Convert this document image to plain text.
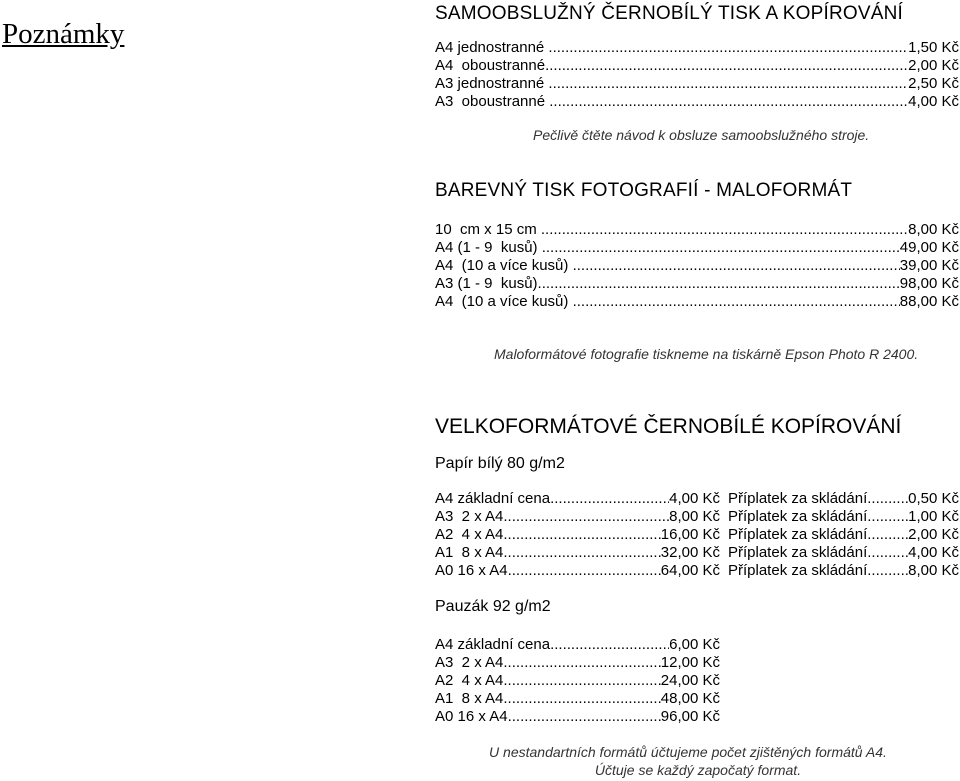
Poznámky
SAMOOBSLUŽNÝ ČERNOBÍLÝ TISK A KOPÍROVÁNÍ
A4 jednostranné .....	1,50 Kč
A4  oboustranné .....	2,00 Kč
A3 jednostranné .....	2,50 Kč
A3  oboustranné .....	4,00 Kč
Pečlivě čtěte návod k obsluze samoobslužného stroje.
BAREVNÝ TISK FOTOGRAFIÍ - MALOFORMÁT
10  cm x 15 cm .....	8,00 Kč
A4 (1 - 9  kusů) .....	49,00 Kč
A4  (10 a více kusů) .....	39,00 Kč
A3 (1 - 9  kusů) .....	98,00 Kč
A4  (10 a více kusů) .....	88,00 Kč
Maloformátové fotografie tiskneme na tiskárně Epson Photo R 2400.
VELKOFORMÁTOVÉ ČERNOBÍLÉ KOPÍROVÁNÍ
Papír bílý 80 g/m2
A4 základní cena .....	4,00 Kč Příplatek za skládání .....	0,50 Kč
A3  2 x A4 .....	8,00 Kč Příplatek za skládání .....	1,00 Kč
A2  4 x A4 .....	16,00 Kč Příplatek za skládání .....	2,00 Kč
A1  8 x A4 .....	32,00 Kč Příplatek za skládání .....	4,00 Kč
A0 16 x A4 .....	64,00 Kč Příplatek za skládání .....	8,00 Kč
Pauzák 92 g/m2
A4 základní cena .....	6,00 Kč
A3  2 x A4 .....	12,00 Kč
A2  4 x A4 .....	24,00 Kč
A1  8 x A4 .....	48,00 Kč
A0 16 x A4 .....	96,00 Kč
U nestandartních formátů účtujeme počet zjištěných formátů A4.
Účtuje se každý započatý format.
